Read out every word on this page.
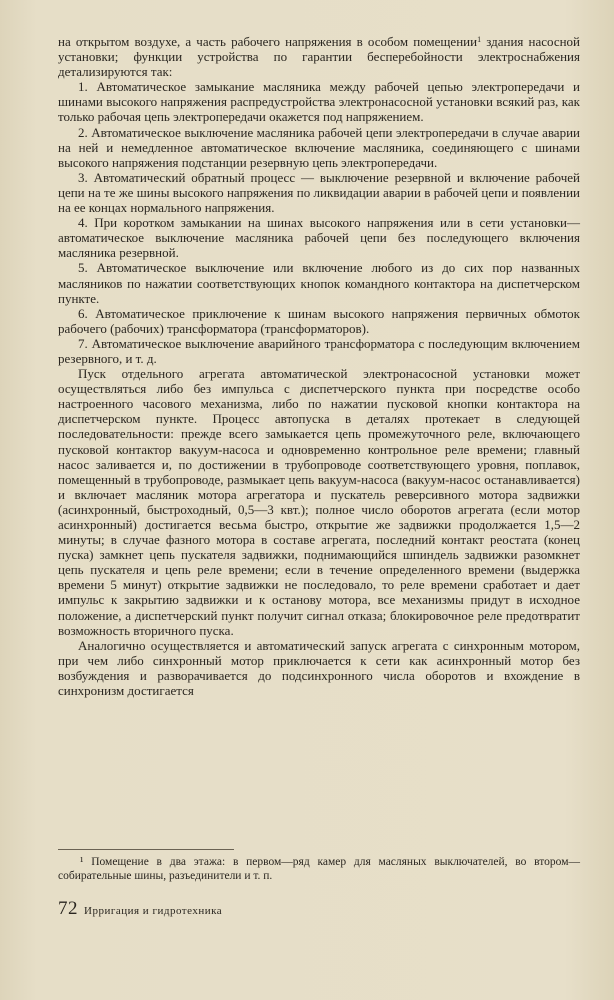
на открытом воздухе, а часть рабочего напряжения в особом помещении$^1$ здания насосной установки; функции устройства по гарантии бесперебойности электроснабжения детализируются так:

1. Автоматическое замыкание масляника между рабочей цепью электропередачи и шинами высокого напряжения распредустройства электронасосной установки всякий раз, как только рабочая цепь электропередачи окажется под напряжением.

2. Автоматическое выключение масляника рабочей цепи электропередачи в случае аварии на ней и немедленное автоматическое включение масляника, соединяющего с шинами высокого напряжения подстанции резервную цепь электропередачи.

3. Автоматический обратный процесс — выключение резервной и включение рабочей цепи на те же шины высокого напряжения по ликвидации аварии в рабочей цепи и появлении на ее концах нормального напряжения.

4. При коротком замыкании на шинах высокого напряжения или в сети установки—автоматическое выключение масляника рабочей цепи без последующего включения масляника резервной.

5. Автоматическое выключение или включение любого из до сих пор названных масляников по нажатии соответствующих кнопок командного контактора на диспетчерском пункте.

6. Автоматическое приключение к шинам высокого напряжения первичных обмоток рабочего (рабочих) трансформатора (трансформаторов).

7. Автоматическое выключение аварийного трансформатора с последующим включением резервного, и т. д.

Пуск отдельного агрегата автоматической электронасосной установки может осуществляться либо без импульса с диспетчерского пункта при посредстве особо настроенного часового механизма, либо по нажатии пусковой кнопки контактора на диспетчерском пункте. Процесс автопуска в деталях протекает в следующей последовательности: прежде всего замыкается цепь промежуточного реле, включающего пусковой контактор вакуум-насоса и одновременно контрольное реле времени; главный насос заливается и, по достижении в трубопроводе соответствующего уровня, поплавок, помещенный в трубопроводе, размыкает цепь вакуум-насоса (вакуум-насос останавливается) и включает масляник мотора агрегатора и пускатель реверсивного мотора задвижки (асинхронный, быстроходный, 0,5—3 квт.); полное число оборотов агрегата (если мотор асинхронный) достигается весьма быстро, открытие же задвижки продолжается 1,5—2 минуты; в случае фазного мотора в составе агрегата, последний контакт реостата (конец пуска) замкнет цепь пускателя задвижки, поднимающийся шпиндель задвижки разомкнет цепь пускателя и цепь реле времени; если в течение определенного времени (выдержка времени 5 минут) открытие задвижки не последовало, то реле времени сработает и дает импульс к закрытию задвижки и к останову мотора, все механизмы придут в исходное положение, а диспетчерский пункт получит сигнал отказа; блокировочное реле предотвратит возможность вторичного пуска.

Аналогично осуществляется и автоматический запуск агрегата с синхронным мотором, при чем либо синхронный мотор приключается к сети как асинхронный мотор без возбуждения и разворачивается до подсинхронного числа оборотов и вхождение в синхронизм достигается

¹ Помещение в два этажа: в первом—ряд камер для масляных выключателей, во втором—собирательные шины, разъединители и т. п.

72 Ирригация и гидротехника
